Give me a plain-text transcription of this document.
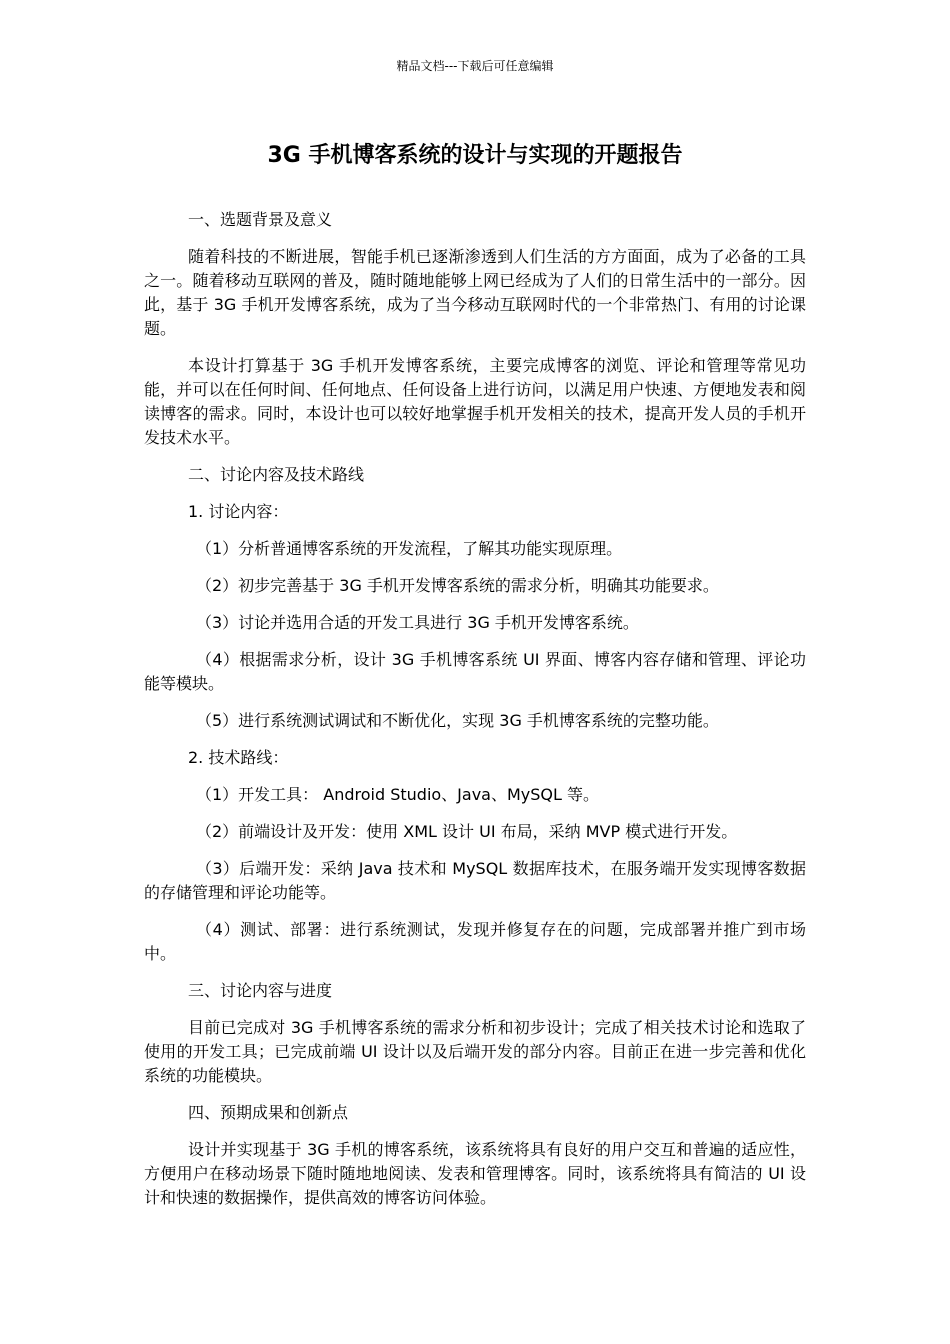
精品文档---下载后可任意编辑
3G 手机博客系统的设计与实现的开题报告

一、选题背景及意义

随着科技的不断进展，智能手机已逐渐渗透到人们生活的方方面面，成为了必备的工具之一。随着移动互联网的普及，随时随地能够上网已经成为了人们的日常生活中的一部分。因此，基于 3G 手机开发博客系统，成为了当今移动互联网时代的一个非常热门、有用的讨论课题。

本设计打算基于 3G 手机开发博客系统，主要完成博客的浏览、评论和管理等常见功能，并可以在任何时间、任何地点、任何设备上进行访问，以满足用户快速、方便地发表和阅读博客的需求。同时，本设计也可以较好地掌握手机开发相关的技术，提高开发人员的手机开发技术水平。

二、讨论内容及技术路线

1. 讨论内容：

（1）分析普通博客系统的开发流程，了解其功能实现原理。

（2）初步完善基于 3G 手机开发博客系统的需求分析，明确其功能要求。

（3）讨论并选用合适的开发工具进行 3G 手机开发博客系统。

（4）根据需求分析，设计 3G 手机博客系统 UI 界面、博客内容存储和管理、评论功能等模块。

（5）进行系统测试调试和不断优化，实现 3G 手机博客系统的完整功能。

2. 技术路线：

（1）开发工具： Android Studio、Java、MySQL 等。

（2）前端设计及开发：使用 XML 设计 UI 布局，采纳 MVP 模式进行开发。

（3）后端开发：采纳 Java 技术和 MySQL 数据库技术，在服务端开发实现博客数据的存储管理和评论功能等。

（4）测试、部署：进行系统测试，发现并修复存在的问题，完成部署并推广到市场中。

三、讨论内容与进度

目前已完成对 3G 手机博客系统的需求分析和初步设计；完成了相关技术讨论和选取了使用的开发工具；已完成前端 UI 设计以及后端开发的部分内容。目前正在进一步完善和优化系统的功能模块。

四、预期成果和创新点

设计并实现基于 3G 手机的博客系统，该系统将具有良好的用户交互和普遍的适应性，方便用户在移动场景下随时随地地阅读、发表和管理博客。同时，该系统将具有简洁的 UI 设计和快速的数据操作，提供高效的博客访问体验。
